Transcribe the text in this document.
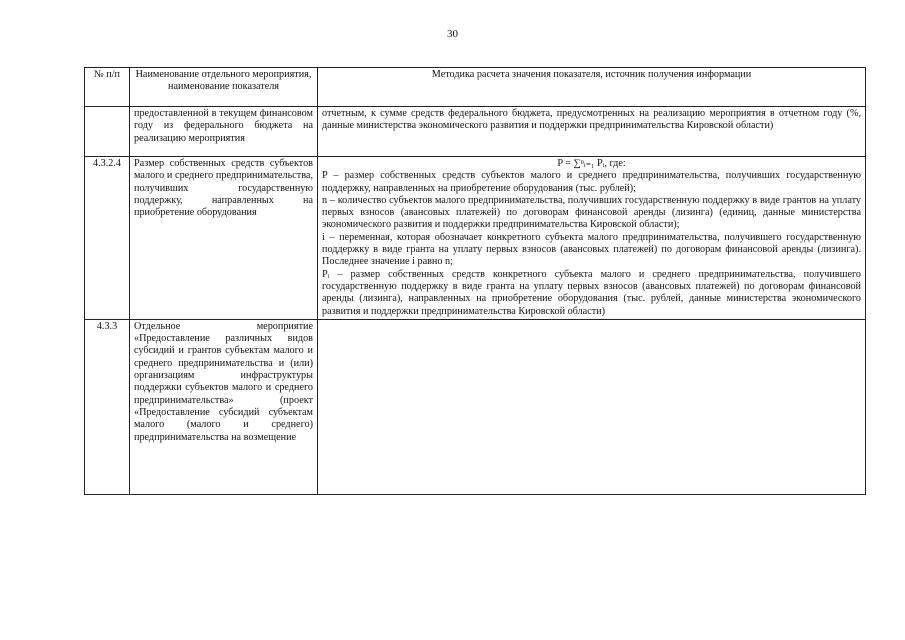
30
№ п/п	Наименование отдельного мероприятия, наименование показателя	Методика расчета значения показателя, источник получения информации
	предоставленной в текущем финансовом году из федерального бюджета на реализацию мероприятия	отчетным, к сумме средств федерального бюджета, предусмотренных на реализацию мероприятия в отчетном году (%, данные министерства экономического развития и поддержки предпринимательства Кировской области)

4.3.2.4	Размер собственных средств субъектов малого и среднего предпринимательства, получивших государственную поддержку, направленных на приобретение оборудования	P = ∑ⁿᵢ₌₁ Pᵢ, где:
P – размер собственных средств субъектов малого и среднего предпринимательства, получивших государственную поддержку, направленных на приобретение оборудования (тыс. рублей);
n – количество субъектов малого предпринимательства, получивших государственную поддержку в виде грантов на уплату первых взносов (авансовых платежей) по договорам финансовой аренды (лизинга) (единиц, данные министерства экономического развития и поддержки предпринимательства Кировской области);
i – переменная, которая обозначает конкретного субъекта малого предпринимательства, получившего государственную поддержку в виде гранта на уплату первых взносов (авансовых платежей) по договорам финансовой аренды (лизинга). Последнее значение i равно n;
Pᵢ – размер собственных средств конкретного субъекта малого и среднего предпринимательства, получившего государственную поддержку в виде гранта на уплату первых взносов (авансовых платежей) по договорам финансовой аренды (лизинга), направленных на приобретение оборудования (тыс. рублей, данные министерства экономического развития и поддержки предпринимательства Кировской области)

4.3.3	Отдельное мероприятие «Предоставление различных видов субсидий и грантов субъектам малого и среднего предпринимательства и (или) организациям инфраструктуры поддержки субъектов малого и среднего предпринимательства» (проект «Предоставление субсидий субъектам малого (малого и среднего) предпринимательства на возмещение	
